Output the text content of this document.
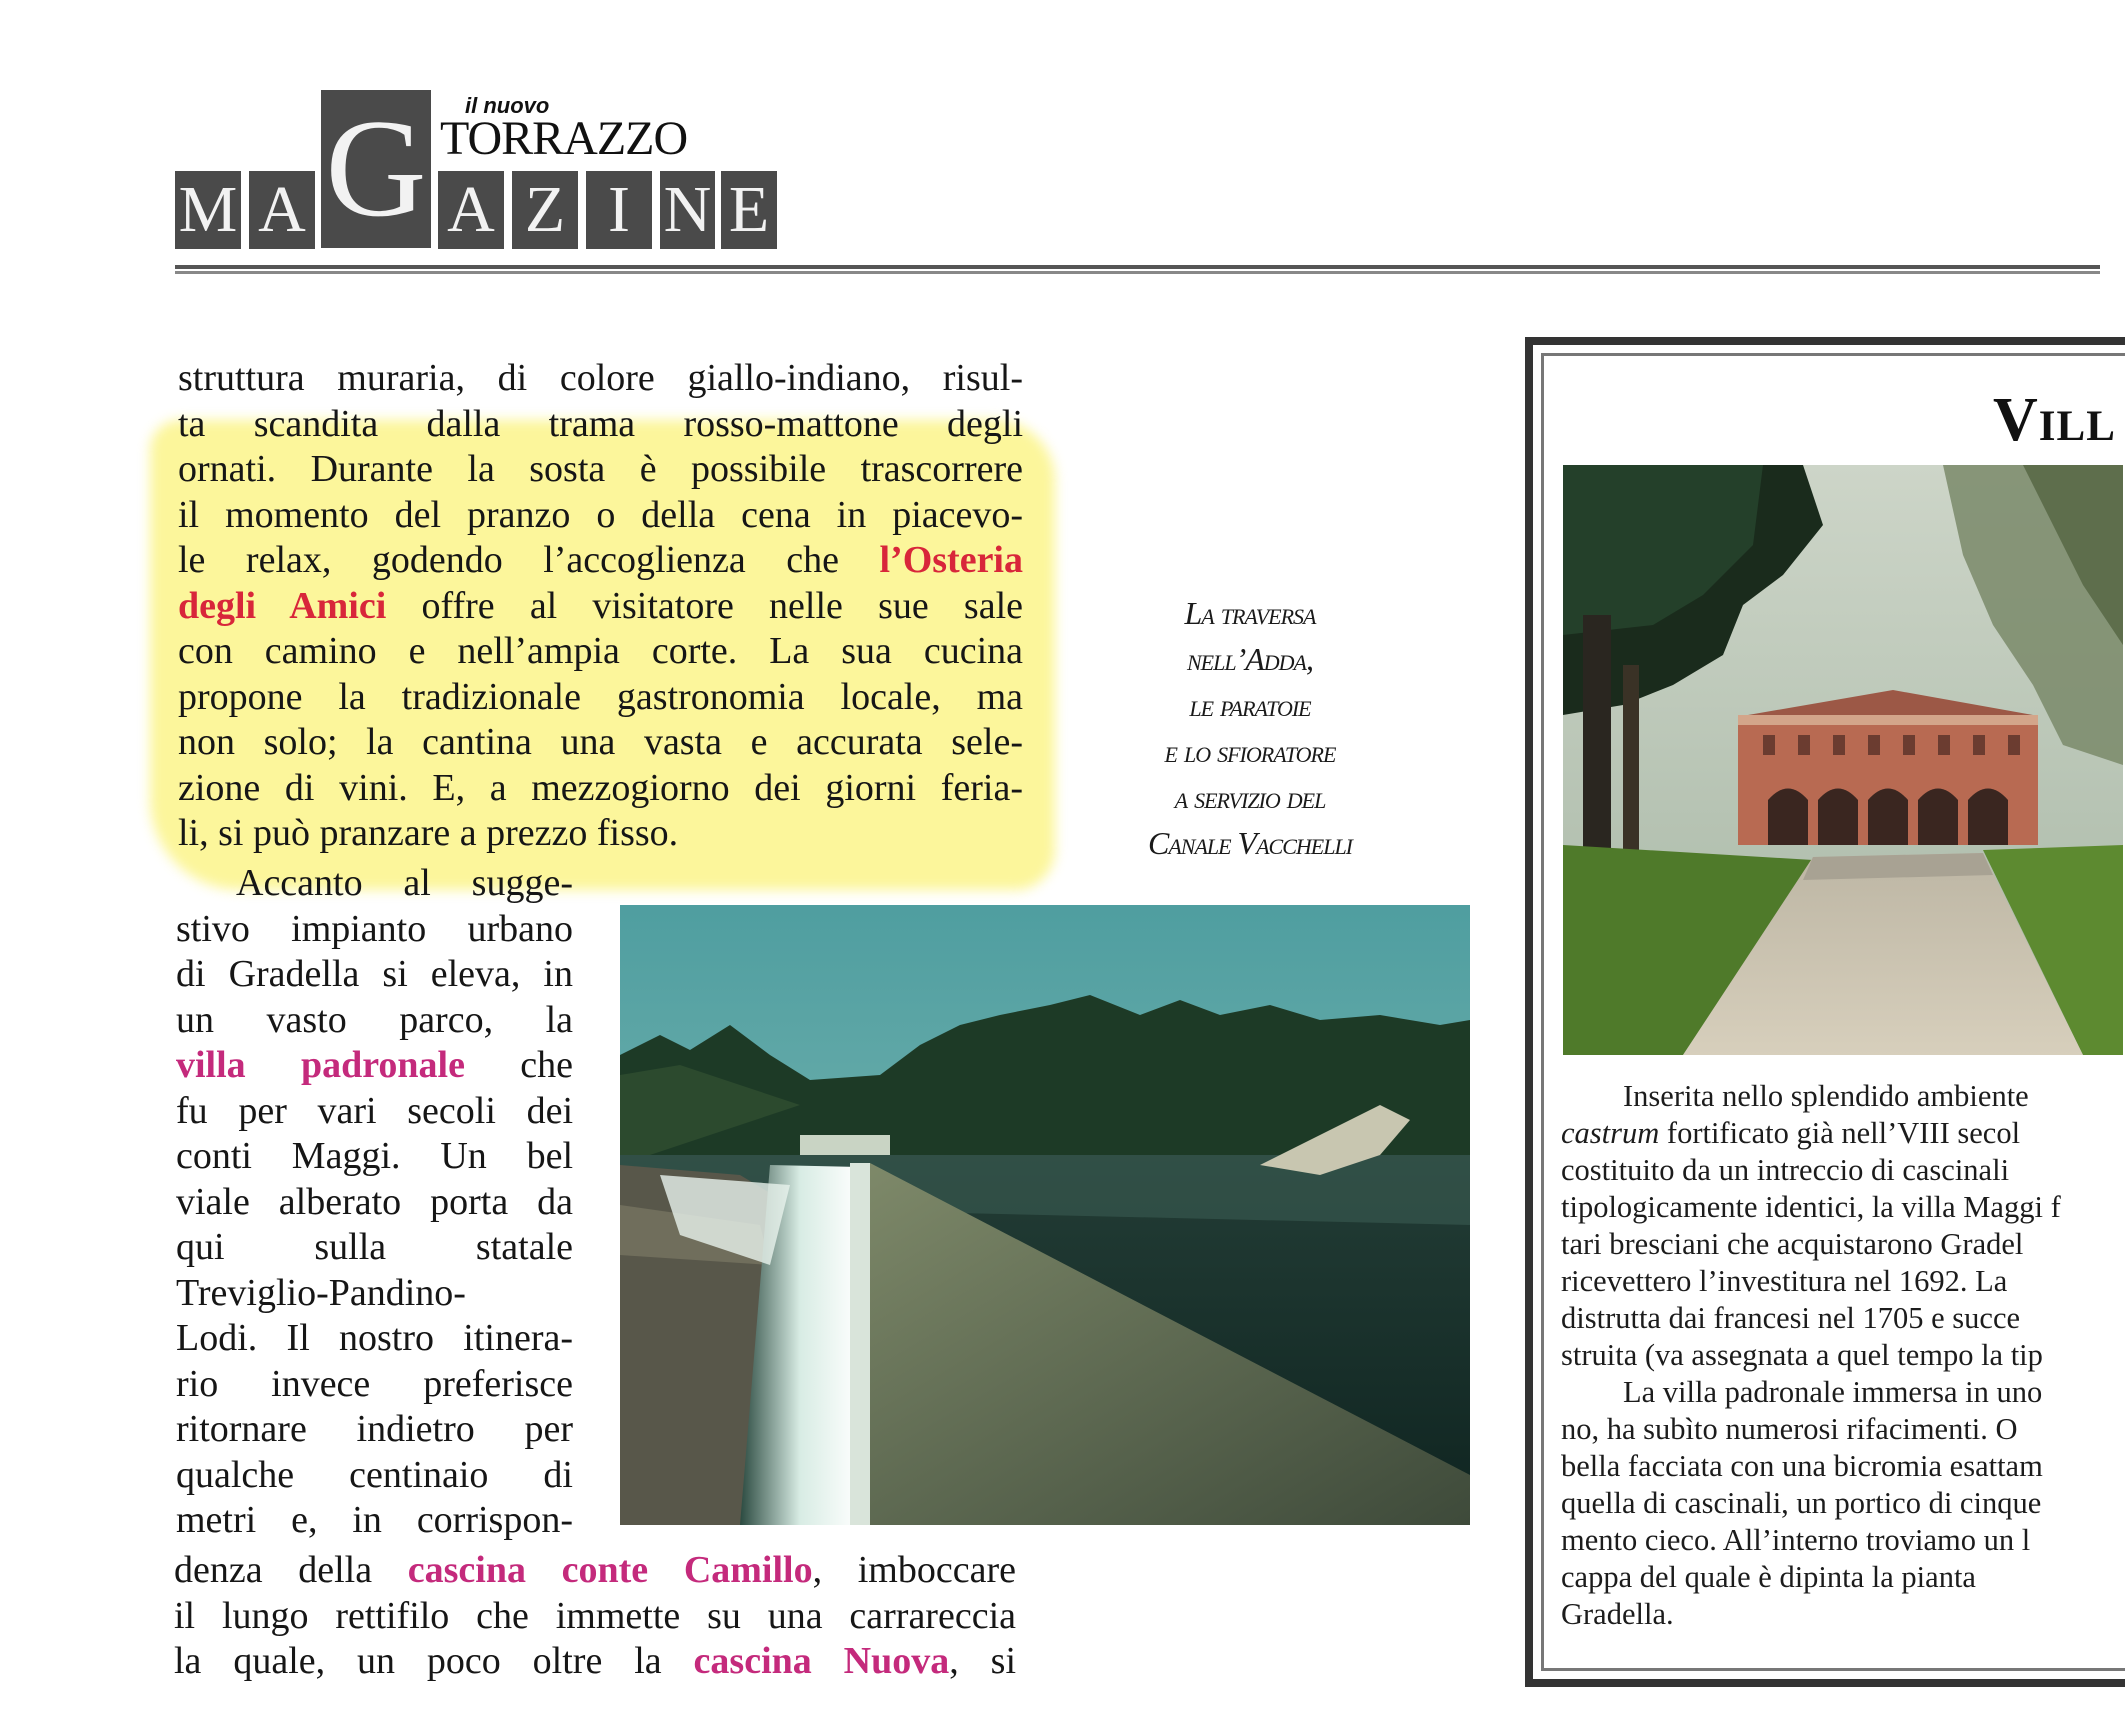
M A G A Z I N E
il nuovo
TORRAZZO
struttura muraria, di colore giallo-indiano, risul-
ta scandita dalla trama rosso-mattone degli
ornati. Durante la sosta è possibile trascorrere
il momento del pranzo o della cena in piacevo-
le relax, godendo l’accoglienza che l’Osteria
degli Amici offre al visitatore nelle sue sale
con camino e nell’ampia corte. La sua cucina
propone la tradizionale gastronomia locale, ma
non solo; la cantina una vasta e accurata sele-
zione di vini. E, a mezzogiorno dei giorni feria-
li, si può pranzare a prezzo fisso.
Accanto al sugge-
stivo impianto urbano
di Gradella si eleva, in
un vasto parco, la
villa padronale che
fu per vari secoli dei
conti Maggi. Un bel
viale alberato porta da
qui sulla statale
Treviglio-Pandino-
Lodi. Il nostro itinera-
rio invece preferisce
ritornare indietro per
qualche centinaio di
metri e, in corrispon-
denza della cascina conte Camillo, imboccare
il lungo rettifilo che immette su una carrareccia
la quale, un poco oltre la cascina Nuova, si
La traversa
nell’Adda,
le paratoie
e lo sfioratore
a servizio del
Canale Vacchelli
Vill
Inserita nello splendido ambiente
castrum fortificato già nell’VIII secol
costituito da un intreccio di cascinali
tipologicamente identici, la villa Maggi f
tari bresciani che acquistarono Gradel
ricevettero l’investitura nel 1692. La
distrutta dai francesi nel 1705 e succe
struita (va assegnata a quel tempo la tip
La villa padronale immersa in uno
no, ha subìto numerosi rifacimenti. O
bella facciata con una bicromia esattam
quella di cascinali, un portico di cinque
mento cieco. All’interno troviamo un l
cappa del quale è dipinta la pianta
Gradella.
